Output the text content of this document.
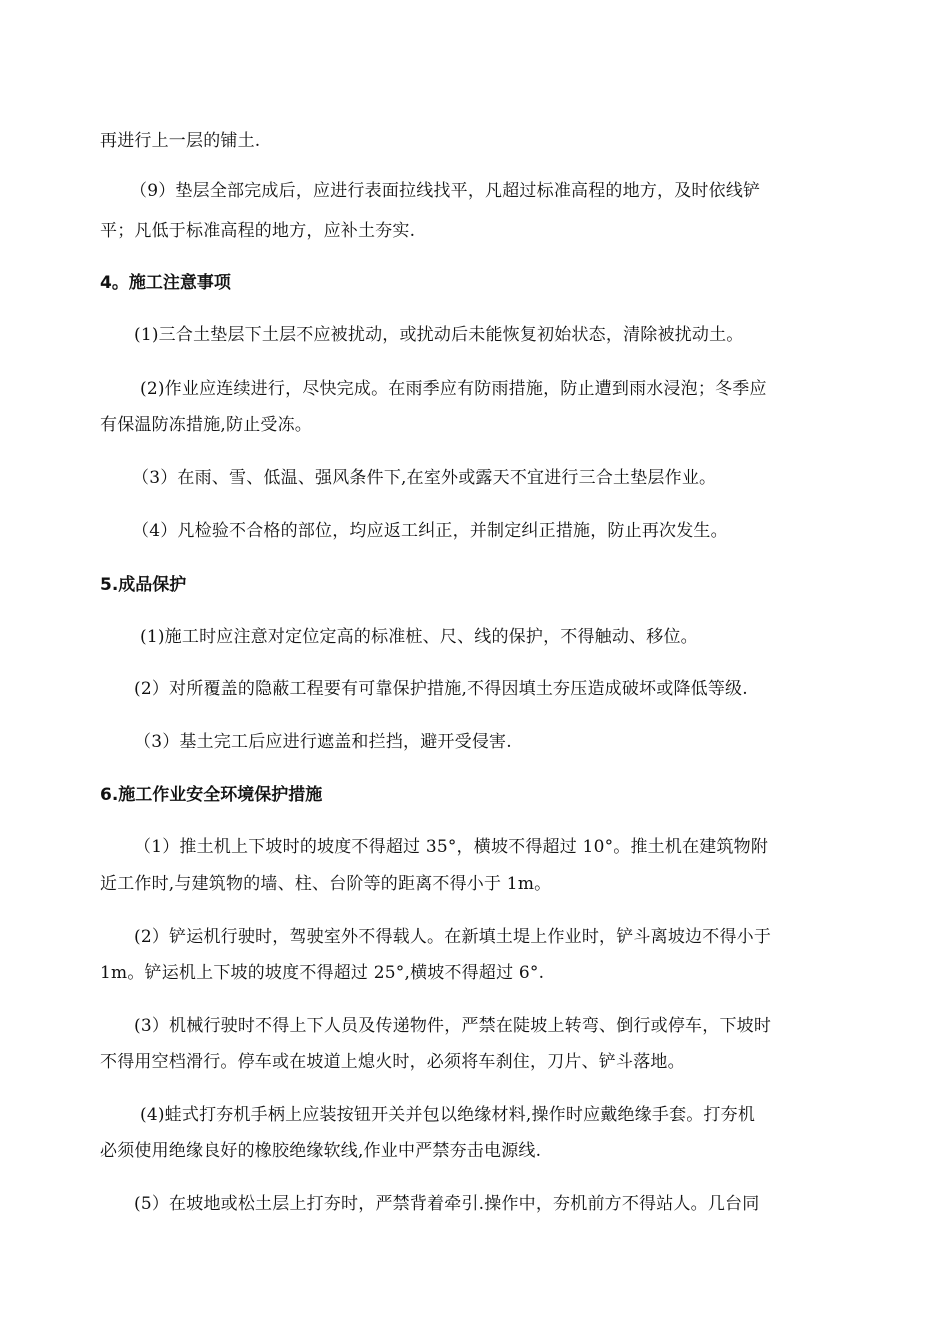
再进行上一层的铺土.
（9）垫层全部完成后，应进行表面拉线找平，凡超过标准高程的地方，及时依线铲
平；凡低于标准高程的地方，应补土夯实.
4。施工注意事项
(1)三合土垫层下土层不应被扰动，或扰动后未能恢复初始状态，清除被扰动土。
(2)作业应连续进行，尽快完成。在雨季应有防雨措施，防止遭到雨水浸泡；冬季应
有保温防冻措施,防止受冻。
（3）在雨、雪、低温、强风条件下,在室外或露天不宜进行三合土垫层作业。
（4）凡检验不合格的部位，均应返工纠正，并制定纠正措施，防止再次发生。
5.成品保护
(1)施工时应注意对定位定高的标准桩、尺、线的保护，不得触动、移位。
(2）对所覆盖的隐蔽工程要有可靠保护措施,不得因填土夯压造成破坏或降低等级.
（3）基土完工后应进行遮盖和拦挡，避开受侵害.
6.施工作业安全环境保护措施
（1）推土机上下坡时的坡度不得超过 35°，横坡不得超过 10°。推土机在建筑物附
近工作时,与建筑物的墙、柱、台阶等的距离不得小于 1m。
(2）铲运机行驶时，驾驶室外不得载人。在新填土堤上作业时，铲斗离坡边不得小于
1m。铲运机上下坡的坡度不得超过 25°,横坡不得超过 6°.
(3）机械行驶时不得上下人员及传递物件，严禁在陡坡上转弯、倒行或停车，下坡时
不得用空档滑行。停车或在坡道上熄火时，必须将车刹住，刀片、铲斗落地。
(4)蛙式打夯机手柄上应装按钮开关并包以绝缘材料,操作时应戴绝缘手套。打夯机
必须使用绝缘良好的橡胶绝缘软线,作业中严禁夯击电源线.
(5）在坡地或松土层上打夯时，严禁背着牵引.操作中，夯机前方不得站人。几台同
